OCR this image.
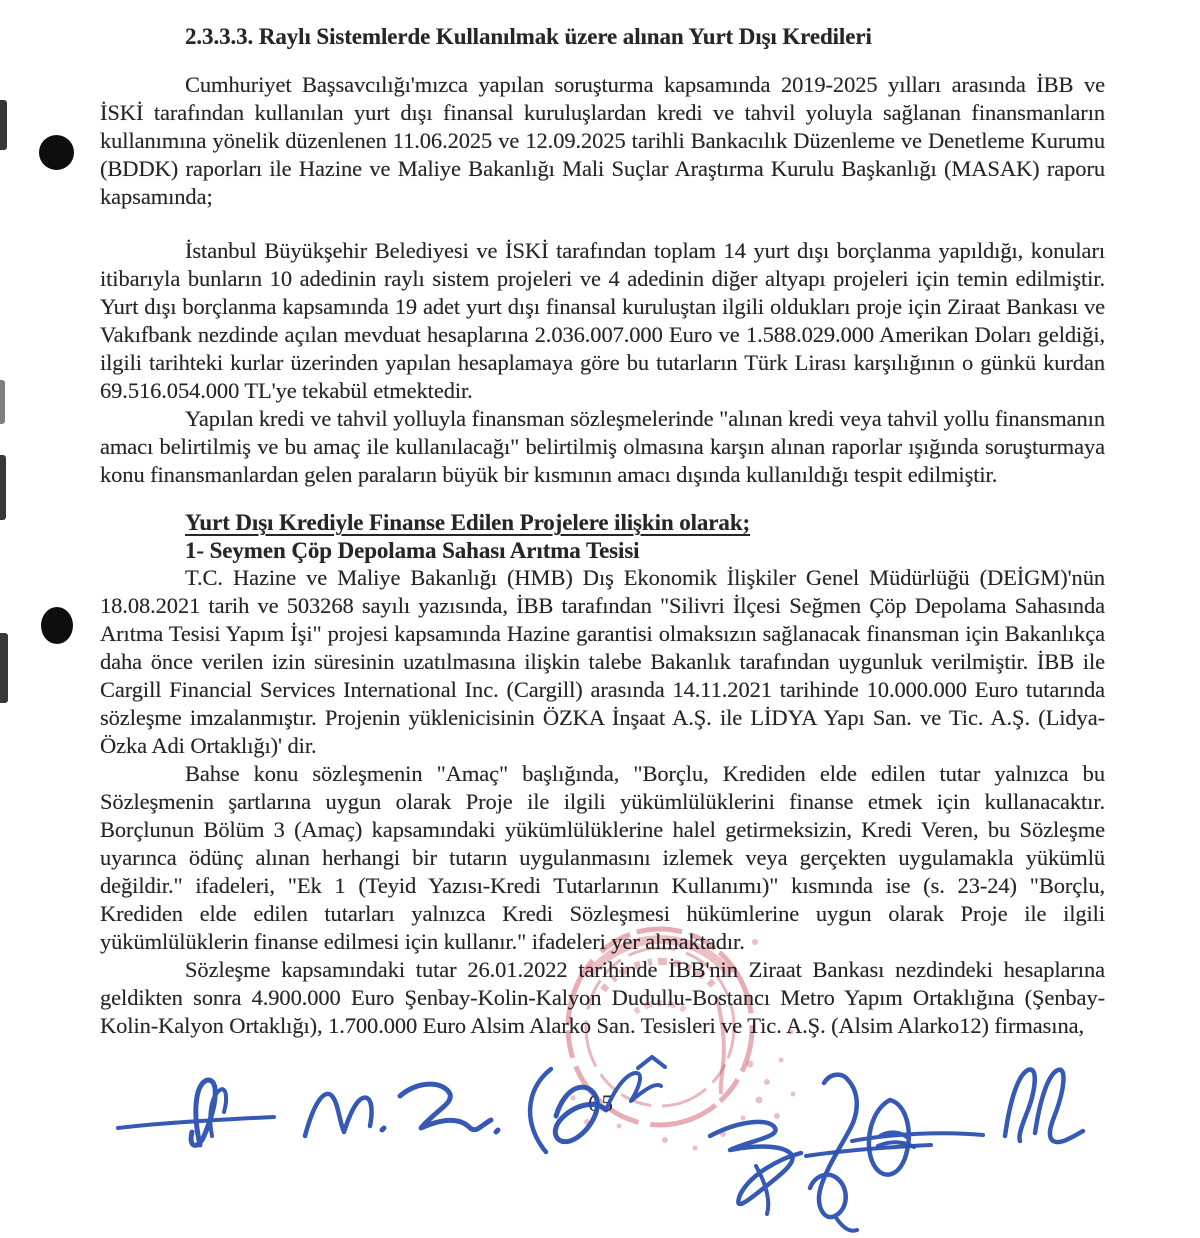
2.3.3.3. Raylı Sistemlerde Kullanılmak üzere alınan Yurt Dışı Kredileri

Cumhuriyet Başsavcılığı'mızca yapılan soruşturma kapsamında 2019-2025 yılları arasında İBB ve İSKİ tarafından kullanılan yurt dışı finansal kuruluşlardan kredi ve tahvil yoluyla sağlanan finansmanların kullanımına yönelik düzenlenen 11.06.2025 ve 12.09.2025 tarihli Bankacılık Düzenleme ve Denetleme Kurumu (BDDK) raporları ile Hazine ve Maliye Bakanlığı Mali Suçlar Araştırma Kurulu Başkanlığı (MASAK) raporu kapsamında;

İstanbul Büyükşehir Belediyesi ve İSKİ tarafından toplam 14 yurt dışı borçlanma yapıldığı, konuları itibarıyla bunların 10 adedinin raylı sistem projeleri ve 4 adedinin diğer altyapı projeleri için temin edilmiştir. Yurt dışı borçlanma kapsamında 19 adet yurt dışı finansal kuruluştan ilgili oldukları proje için Ziraat Bankası ve Vakıfbank nezdinde açılan mevduat hesaplarına 2.036.007.000 Euro ve 1.588.029.000 Amerikan Doları geldiği, ilgili tarihteki kurlar üzerinden yapılan hesaplamaya göre bu tutarların Türk Lirası karşılığının o günkü kurdan 69.516.054.000 TL'ye tekabül etmektedir.

Yapılan kredi ve tahvil yolluyla finansman sözleşmelerinde "alınan kredi veya tahvil yollu finansmanın amacı belirtilmiş ve bu amaç ile kullanılacağı" belirtilmiş olmasına karşın alınan raporlar ışığında soruşturmaya konu finansmanlardan gelen paraların büyük bir kısmının amacı dışında kullanıldığı tespit edilmiştir.

Yurt Dışı Krediyle Finanse Edilen Projelere ilişkin olarak;
1- Seymen Çöp Depolama Sahası Arıtma Tesisi

T.C. Hazine ve Maliye Bakanlığı (HMB) Dış Ekonomik İlişkiler Genel Müdürlüğü (DEİGM)'nün 18.08.2021 tarih ve 503268 sayılı yazısında, İBB tarafından "Silivri İlçesi Seğmen Çöp Depolama Sahasında Arıtma Tesisi Yapım İşi" projesi kapsamında Hazine garantisi olmaksızın sağlanacak finansman için Bakanlıkça daha önce verilen izin süresinin uzatılmasına ilişkin talebe Bakanlık tarafından uygunluk verilmiştir. İBB ile Cargill Financial Services International Inc. (Cargill) arasında 14.11.2021 tarihinde 10.000.000 Euro tutarında sözleşme imzalanmıştır. Projenin yüklenicisinin ÖZKA İnşaat A.Ş. ile LİDYA Yapı San. ve Tic. A.Ş. (Lidya-Özka Adi Ortaklığı)' dir.

Bahse konu sözleşmenin "Amaç" başlığında, "Borçlu, Krediden elde edilen tutar yalnızca bu Sözleşmenin şartlarına uygun olarak Proje ile ilgili yükümlülüklerini finanse etmek için kullanacaktır. Borçlunun Bölüm 3 (Amaç) kapsamındaki yükümlülüklerine halel getirmeksizin, Kredi Veren, bu Sözleşme uyarınca ödünç alınan herhangi bir tutarın uygulanmasını izlemek veya gerçekten uygulamakla yükümlü değildir." ifadeleri, "Ek 1 (Teyid Yazısı-Kredi Tutarlarının Kullanımı)" kısmında ise (s. 23-24) "Borçlu, Krediden elde edilen tutarları yalnızca Kredi Sözleşmesi hükümlerine uygun olarak Proje ile ilgili yükümlülüklerin finanse edilmesi için kullanır." ifadeleri yer almaktadır.

Sözleşme kapsamındaki tutar 26.01.2022 tarihinde İBB'nin Ziraat Bankası nezdindeki hesaplarına geldikten sonra 4.900.000 Euro Şenbay-Kolin-Kalyon Dudullu-Bostancı Metro Yapım Ortaklığına (Şenbay-Kolin-Kalyon Ortaklığı), 1.700.000 Euro Alsim Alarko San. Tesisleri ve Tic. A.Ş. (Alsim Alarko12) firmasına,

65
